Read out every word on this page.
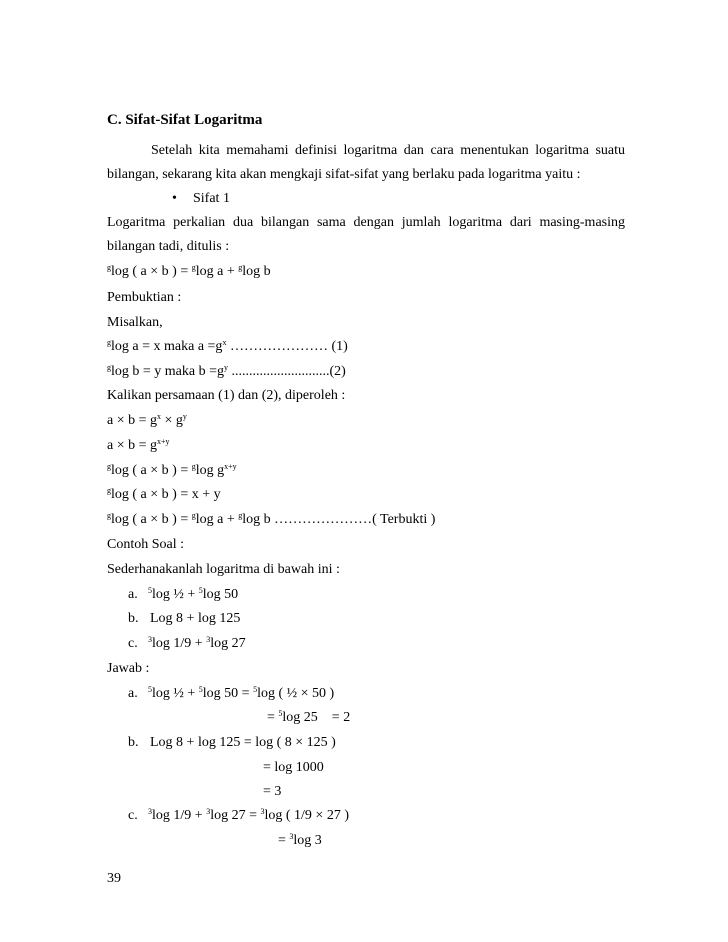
C. Sifat-Sifat Logaritma
Setelah kita memahami definisi logaritma dan cara menentukan logaritma suatu
bilangan, sekarang kita akan mengkaji sifat-sifat yang berlaku pada logaritma yaitu :
• Sifat 1
Logaritma perkalian dua bilangan sama dengan jumlah logaritma dari masing-masing
bilangan tadi, ditulis :
$^g$log ( a × b ) = $^g$log a + $^g$log b
Pembuktian :
Misalkan,
$^g$log a = x maka $a =g^x$ ………………… (1)
$^g$log b = y maka $b =g^y$ ............................(2)
Kalikan persamaan (1) dan (2), diperoleh :
$a \times b = g^x \times g^y$
$a \times b = g^{x+y}$
$^g$log ( a × b ) = $^g$log $g^{x+y}$
$^g$log ( a × b ) = x + y
$^g$log ( a × b ) = $^g$log a + $^g$log b …………………( Terbukti )
Contoh Soal :
Sederhanakanlah logaritma di bawah ini :
a. $^5$log ½ + $^5$log 50
b. Log 8 + log 125
c. $^3$log 1/9 + $^3$log 27
Jawab :
a. $^5$log ½ + $^5$log 50 = $^5$log ( ½ × 50 )
= $^5$log 25    = 2
b. Log 8 + log 125 = log ( 8 × 125 )
= log 1000
= 3
c. $^3$log 1/9 + $^3$log 27 = $^3$log ( 1/9 × 27 )
= $^3$log 3
39
